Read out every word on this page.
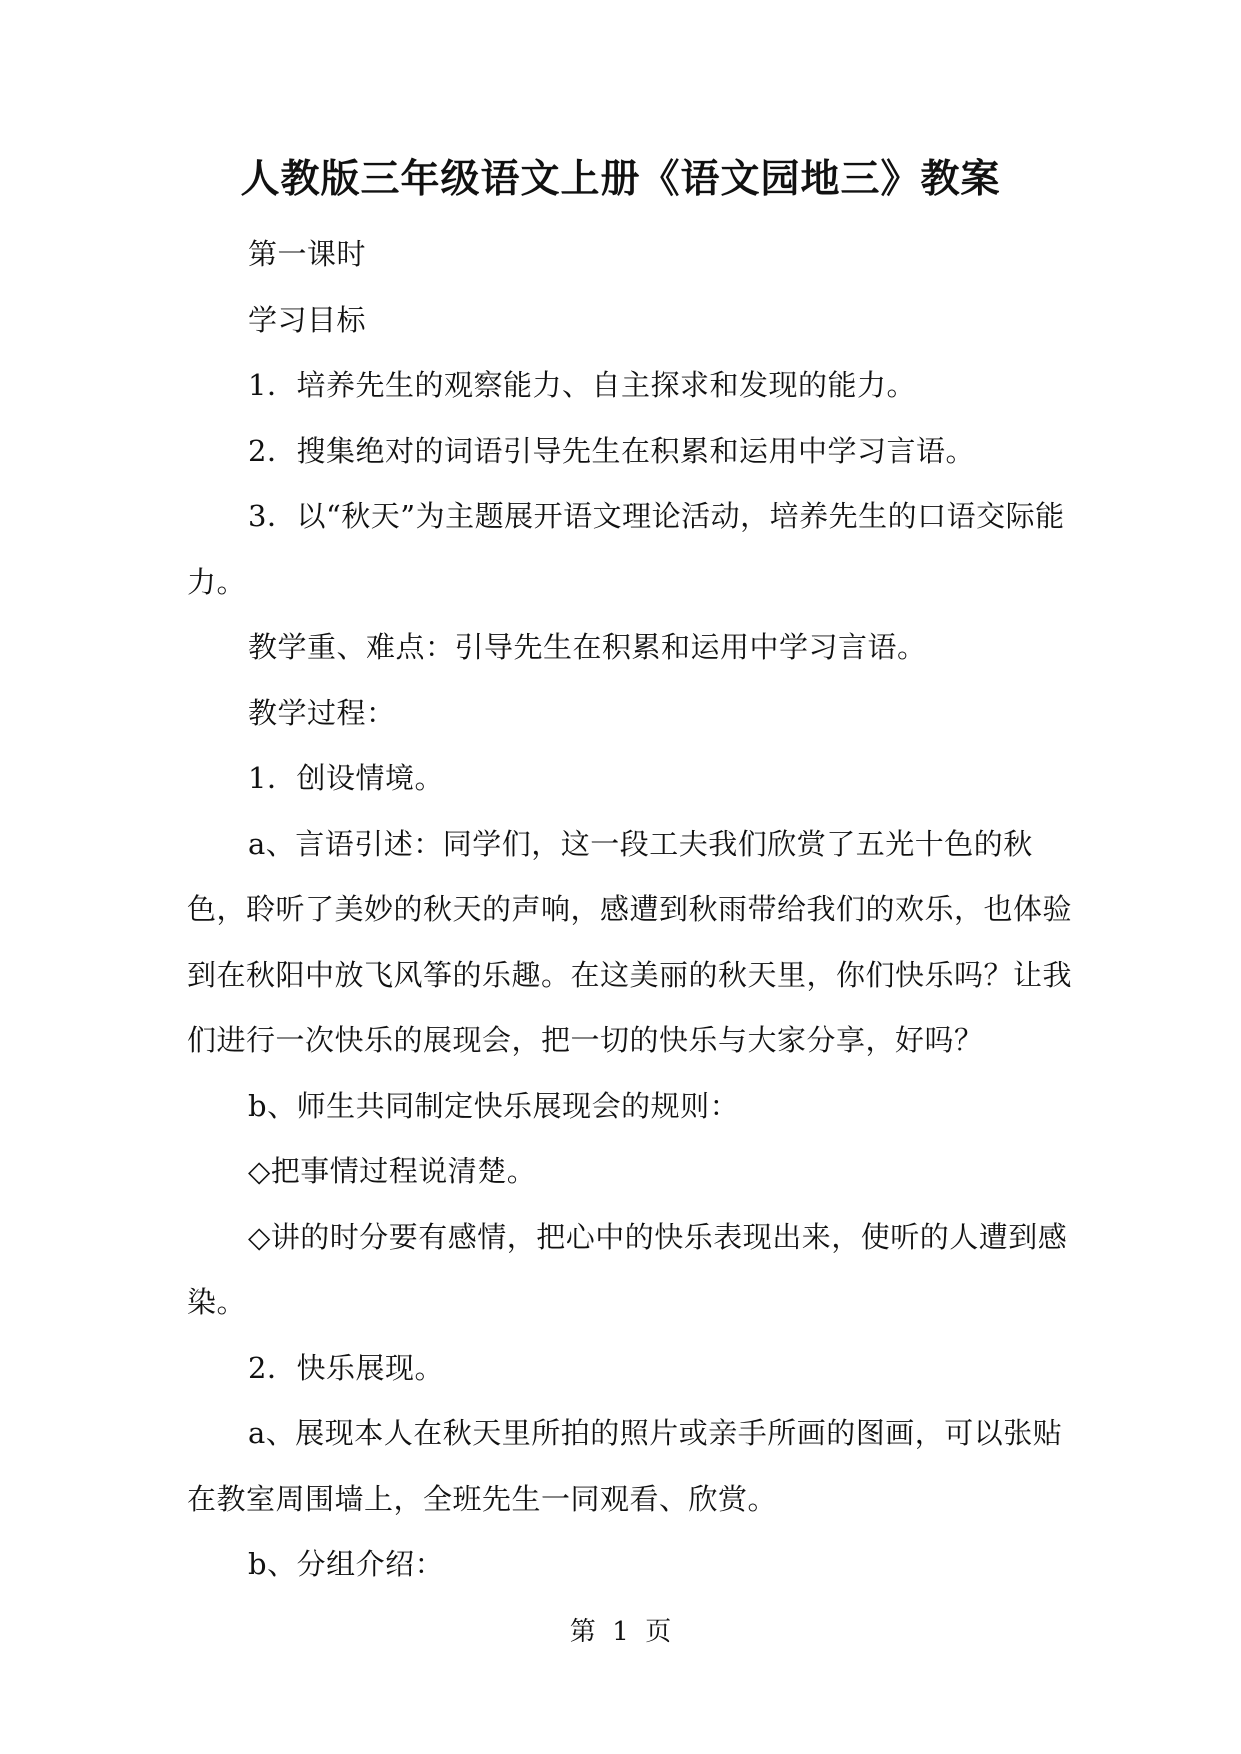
人教版三年级语文上册《语文园地三》教案

第一课时

学习目标

1．培养先生的观察能力、自主探求和发现的能力。

2．搜集绝对的词语引导先生在积累和运用中学习言语。

3．以“秋天”为主题展开语文理论活动，培养先生的口语交际能力。

教学重、难点：引导先生在积累和运用中学习言语。

教学过程：

1．创设情境。

a、言语引述：同学们，这一段工夫我们欣赏了五光十色的秋色，聆听了美妙的秋天的声响，感遭到秋雨带给我们的欢乐，也体验到在秋阳中放飞风筝的乐趣。在这美丽的秋天里，你们快乐吗？让我们进行一次快乐的展现会，把一切的快乐与大家分享，好吗？

b、师生共同制定快乐展现会的规则：

◇把事情过程说清楚。

◇讲的时分要有感情，把心中的快乐表现出来，使听的人遭到感染。

2．快乐展现。

a、展现本人在秋天里所拍的照片或亲手所画的图画，可以张贴在教室周围墙上，全班先生一同观看、欣赏。

b、分组介绍：

第  1  页
